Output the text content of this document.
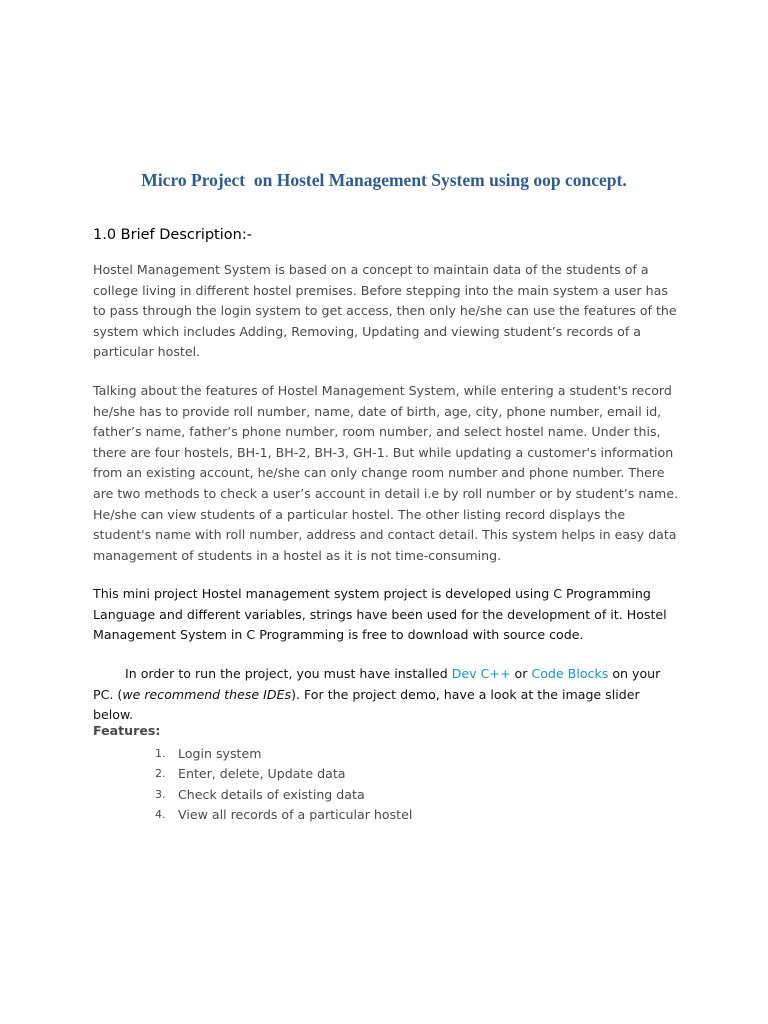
Micro Project  on Hostel Management System using oop concept.
1.0 Brief Description:-

Hostel Management System is based on a concept to maintain data of the students of a college living in different hostel premises. Before stepping into the main system a user has to pass through the login system to get access, then only he/she can use the features of the system which includes Adding, Removing, Updating and viewing student’s records of a particular hostel.

Talking about the features of Hostel Management System, while entering a student's record he/she has to provide roll number, name, date of birth, age, city, phone number, email id, father’s name, father’s phone number, room number, and select hostel name. Under this, there are four hostels, BH-1, BH-2, BH-3, GH-1. But while updating a customer's information from an existing account, he/she can only change room number and phone number. There are two methods to check a user’s account in detail i.e by roll number or by student’s name. He/she can view students of a particular hostel. The other listing record displays the student's name with roll number, address and contact detail. This system helps in easy data management of students in a hostel as it is not time-consuming.

This mini project Hostel management system project is developed using C Programming Language and different variables, strings have been used for the development of it. Hostel Management System in C Programming is free to download with source code.

In order to run the project, you must have installed Dev C++ or Code Blocks on your PC. (we recommend these IDEs). For the project demo, have a look at the image slider below.

Features:
1. Login system
2. Enter, delete, Update data
3. Check details of existing data
4. View all records of a particular hostel
